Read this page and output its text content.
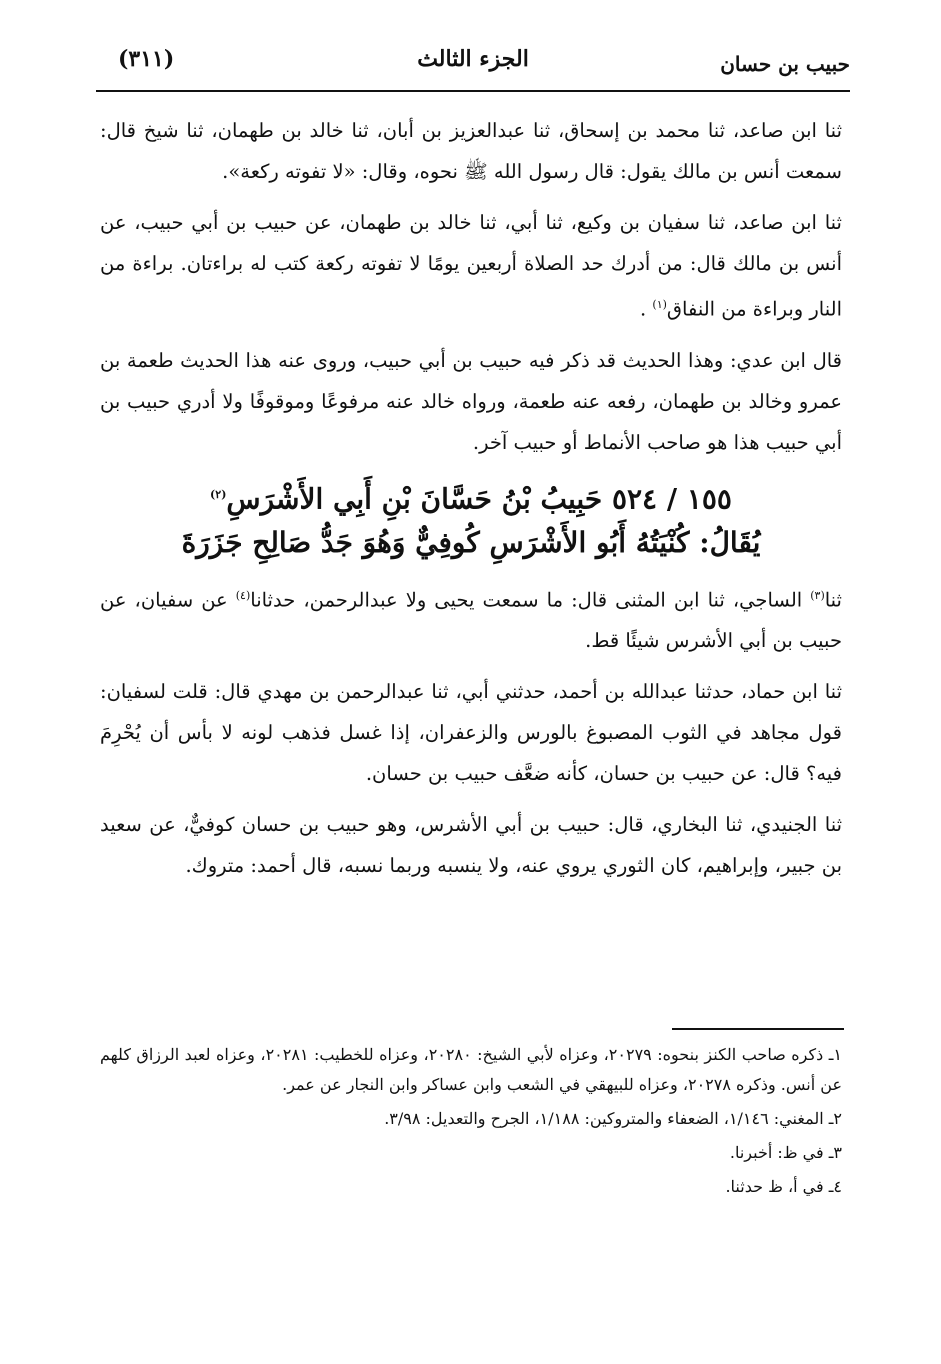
(٣١١)	الجزء الثالث	حبيب بن حسان

ثنا ابن صاعد، ثنا محمد بن إسحاق، ثنا عبدالعزيز بن أبان، ثنا خالد بن طهمان، ثنا شيخ قال: سمعت أنس بن مالك يقول: قال رسول الله ﷺ نحوه، وقال: «لا تفوته ركعة».

ثنا ابن صاعد، ثنا سفيان بن وكيع، ثنا أبي، ثنا خالد بن طهمان، عن حبيب بن أبي حبيب، عن أنس بن مالك قال: من أدرك حد الصلاة أربعين يومًا لا تفوته ركعة كتب له براءتان. براءة من النار وبراءة من النفاق$^{(١)}$ .

قال ابن عدي: وهذا الحديث قد ذكر فيه حبيب بن أبي حبيب، وروى عنه هذا الحديث طعمة بن عمرو وخالد بن طهمان، رفعه عنه طعمة، ورواه خالد عنه مرفوعًا وموقوفًا ولا أدري حبيب بن أبي حبيب هذا هو صاحب الأنماط أو حبيب آخر.

١٥٥ / ٥٢٤ حَبِيبُ بْنُ حَسَّانَ بْنِ أَبِي الأَشْرَسِ$^{(٢)}$
يُقَالُ: كُنْيَتُهُ أَبُو الأَشْرَسِ كُوفِيٌّ وَهُوَ جَدُّ صَالِحِ جَزَرَةَ

ثنا$^{(٣)}$ الساجي، ثنا ابن المثنى قال: ما سمعت يحيى ولا عبدالرحمن، حدثانا$^{(٤)}$ عن سفيان، عن حبيب بن أبي الأشرس شيئًا قط.

ثنا ابن حماد، حدثنا عبدالله بن أحمد، حدثني أبي، ثنا عبدالرحمن بن مهدي قال: قلت لسفيان: قول مجاهد في الثوب المصبوغ بالورس والزعفران، إذا غسل فذهب لونه لا بأس أن يُحْرِمَ فيه؟ قال: عن حبيب بن حسان، كأنه ضعَّف حبيب بن حسان.

ثنا الجنيدي، ثنا البخاري، قال: حبيب بن أبي الأشرس، وهو حبيب بن حسان كوفيٌّ، عن سعيد بن جبير، وإبراهيم، كان الثوري يروي عنه، ولا ينسبه وربما نسبه، قال أحمد: متروك.

١ـ ذكره صاحب الكنز بنحوه: ٢٠٢٧٩، وعزاه لأبي الشيخ: ٢٠٢٨٠، وعزاه للخطيب: ٢٠٢٨١، وعزاه لعبد الرزاق كلهم عن أنس. وذكره ٢٠٢٧٨، وعزاه للبيهقي في الشعب وابن عساكر وابن النجار عن عمر.

٢ـ المغني: ١/١٤٦، الضعفاء والمتروكين: ١/١٨٨، الجرح والتعديل: ٣/٩٨.

٣ـ في ظ: أخبرنا.

٤ـ في أ، ظ حدثنا.
